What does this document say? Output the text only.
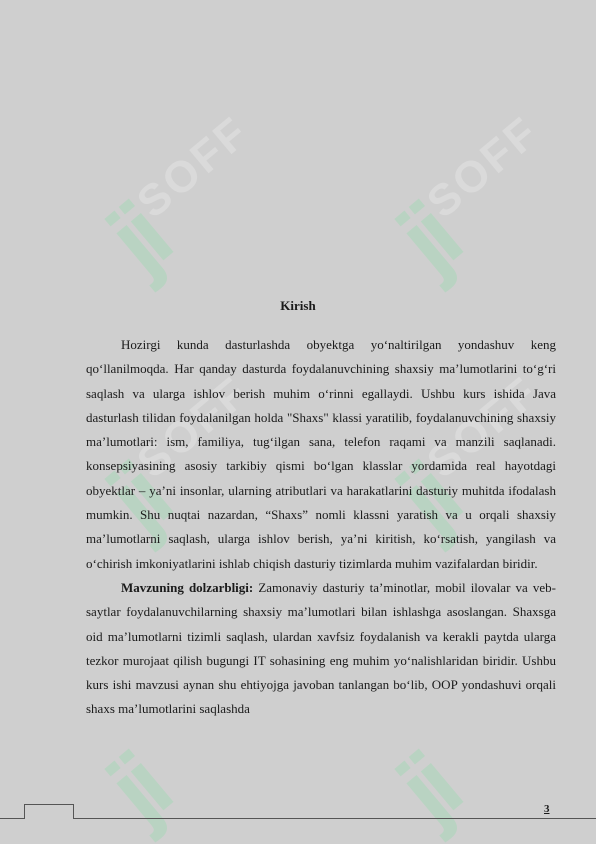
ji
SOFF
ji
SOFF
ji
SOFF
ji
SOFF
ji ji
Kirish

Hozirgi kunda dasturlashda obyektga yo‘naltirilgan yondashuv keng qo‘llanilmoqda. Har qanday dasturda foydalanuvchining shaxsiy ma’lumotlarini to‘g‘ri saqlash va ularga ishlov berish muhim o‘rinni egallaydi. Ushbu kurs ishida Java dasturlash tilidan foydalanilgan holda "Shaxs" klassi yaratilib, foydalanuvchining shaxsiy ma’lumotlari: ism, familiya, tug‘ilgan sana, telefon raqami va manzili saqlanadi. konsepsiyasining asosiy tarkibiy qismi bo‘lgan klasslar yordamida real hayotdagi obyektlar – ya’ni insonlar, ularning atributlari va harakatlarini dasturiy muhitda ifodalash mumkin. Shu nuqtai nazardan, “Shaxs” nomli klassni yaratish va u orqali shaxsiy ma’lumotlarni saqlash, ularga ishlov berish, ya’ni kiritish, ko‘rsatish, yangilash va o‘chirish imkoniyatlarini ishlab chiqish dasturiy tizimlarda muhim vazifalardan biridir.

Mavzuning dolzarbligi: Zamonaviy dasturiy ta’minotlar, mobil ilovalar va veb-saytlar foydalanuvchilarning shaxsiy ma’lumotlari bilan ishlashga asoslangan. Shaxsga oid ma’lumotlarni tizimli saqlash, ulardan xavfsiz foydalanish va kerakli paytda ularga tezkor murojaat qilish bugungi IT sohasining eng muhim yo‘nalishlaridan biridir. Ushbu kurs ishi mavzusi aynan shu ehtiyojga javoban tanlangan bo‘lib, OOP yondashuvi orqali shaxs ma’lumotlarini saqlashda

3
